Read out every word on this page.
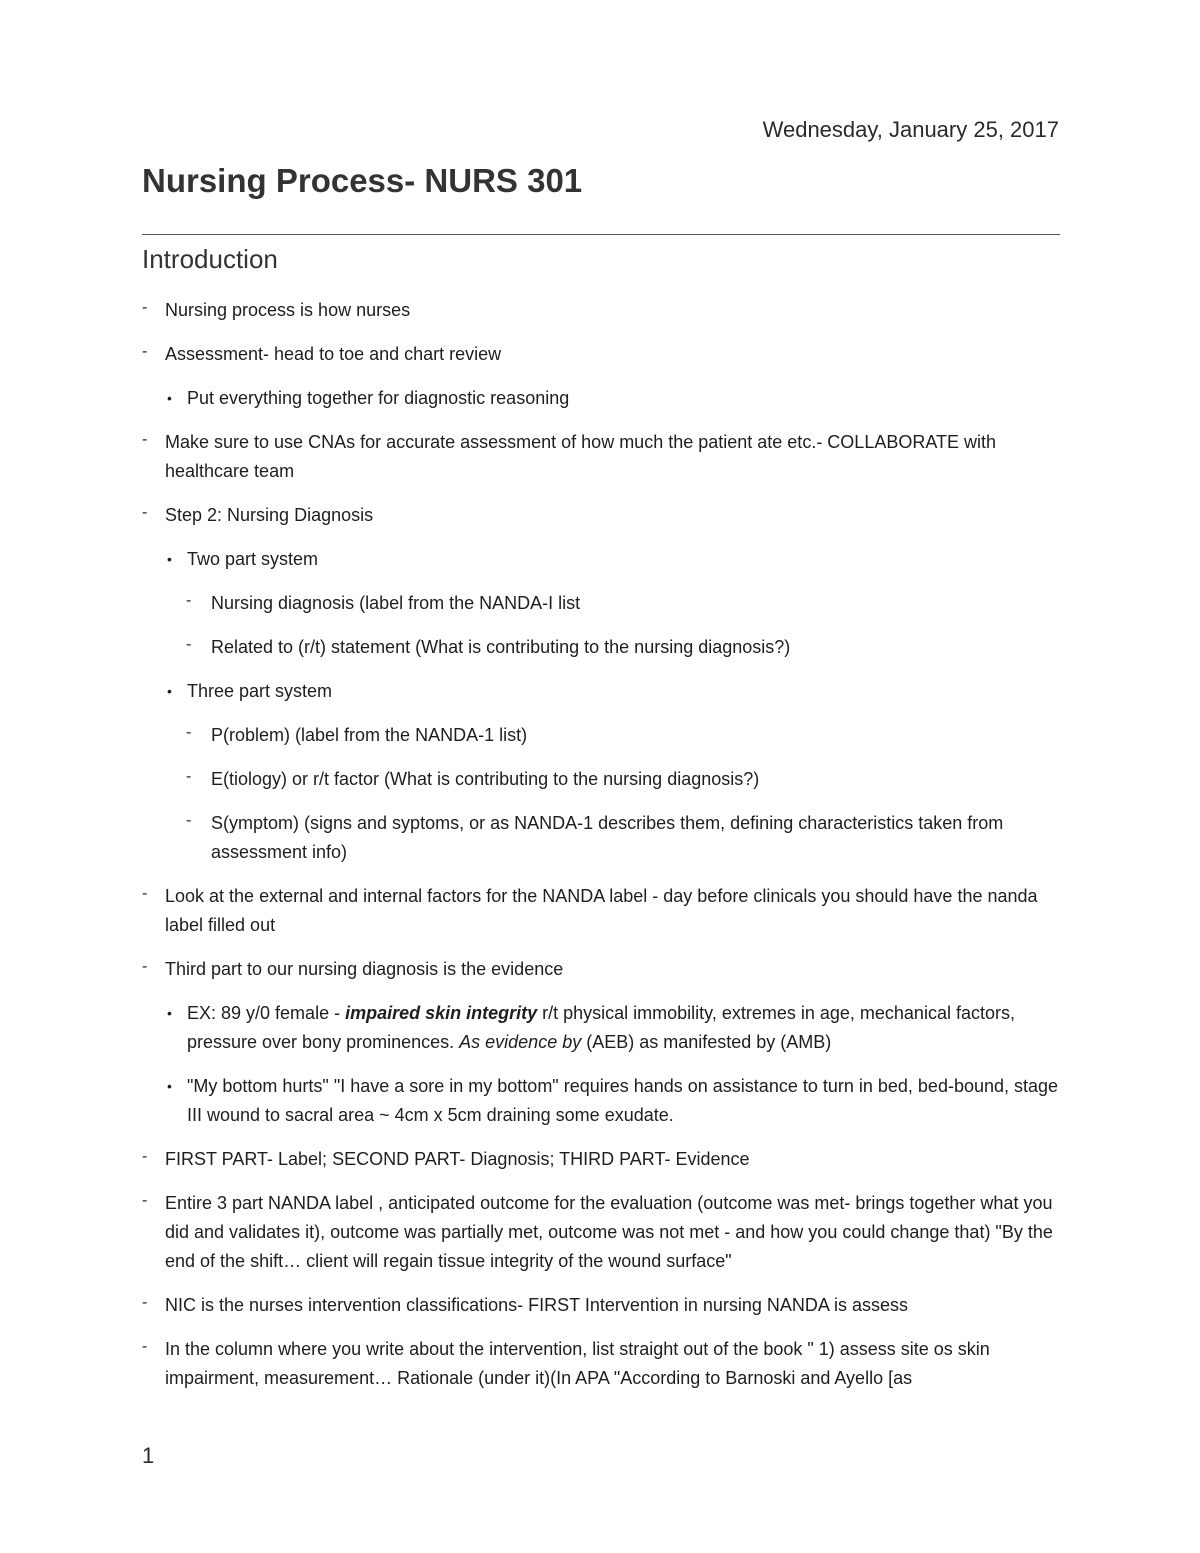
Wednesday, January 25, 2017
Nursing Process- NURS 301
Introduction
- Nursing process is how nurses
- Assessment- head to toe and chart review
• Put everything together for diagnostic reasoning
- Make sure to use CNAs for accurate assessment of how much the patient ate etc.- COLLABORATE with healthcare team
- Step 2: Nursing Diagnosis
• Two part system
- Nursing diagnosis (label from the NANDA-I list
- Related to (r/t) statement (What is contributing to the nursing diagnosis?)
• Three part system
- P(roblem) (label from the NANDA-1 list)
- E(tiology) or r/t factor (What is contributing to the nursing diagnosis?)
- S(ymptom) (signs and syptoms, or as NANDA-1 describes them, defining characteristics taken from assessment info)
- Look at the external and internal factors for the NANDA label - day before clinicals you should have the nanda label filled out
- Third part to our nursing diagnosis is the evidence
• EX: 89 y/0 female - impaired skin integrity r/t physical immobility, extremes in age, mechanical factors, pressure over bony prominences. As evidence by (AEB) as manifested by (AMB)
• "My bottom hurts" "I have a sore in my bottom" requires hands on assistance to turn in bed, bed-bound, stage III wound to sacral area ~ 4cm x 5cm draining some exudate.
- FIRST PART- Label; SECOND PART- Diagnosis; THIRD PART- Evidence
- Entire 3 part NANDA label , anticipated outcome for the evaluation (outcome was met- brings together what you did and validates it), outcome was partially met, outcome was not met - and how you could change that) "By the end of the shift… client will regain tissue integrity of the wound surface"
- NIC is the nurses intervention classifications- FIRST Intervention in nursing NANDA is assess
- In the column where you write about the intervention, list straight out of the book " 1) assess site os skin impairment, measurement… Rationale (under it)(In APA "According to Barnoski and Ayello [as
1
